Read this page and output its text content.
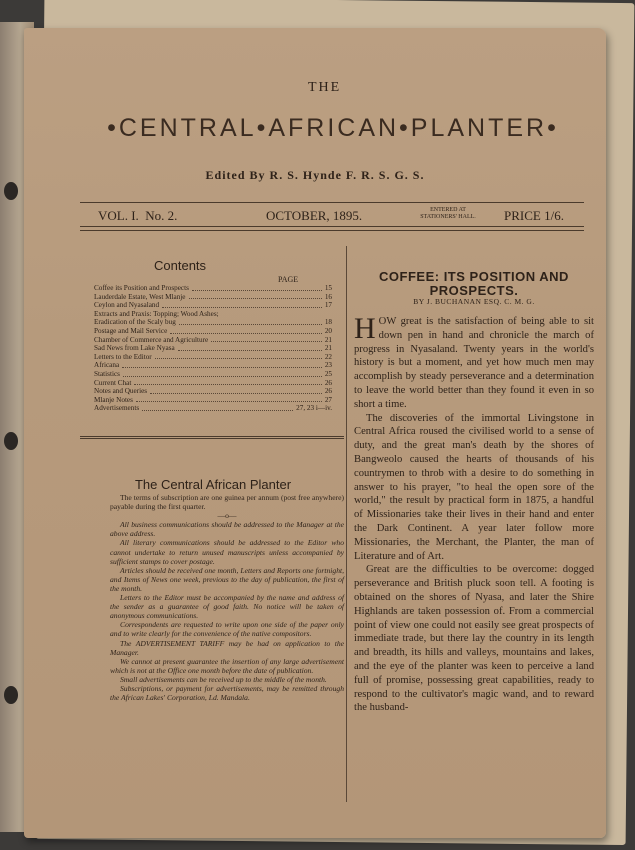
THE
•CENTRAL•AFRICAN•PLANTER•
Edited By R. S. Hynde F. R. S. G. S.
VOL. I. No. 2.	OCTOBER, 1895.	ENTERED AT STATIONERS' HALL. PRICE 1/6.
Contents
PAGE
Coffee its Position and Prospects	15
Lauderdale Estate, West Mlanje	16
Ceylon and Nyasaland	17
Extracts and Praxis: Topping; Wood Ashes;
Eradication of the Scaly bug	18
Postage and Mail Service	20
Chamber of Commerce and Agriculture	21
Sad News from Lake Nyasa	21
Letters to the Editor	22
Africana	23
Statistics	25
Current Chat	26
Notes and Queries	26
Mlanje Notes	27
Advertisements	27, 23 i—iv.
The Central African Planter

The terms of subscription are one guinea per annum (post free anywhere) payable during the first quarter.

—o—

All business communications should be addressed to the Manager at the above address.

All literary communications should be addressed to the Editor who cannot undertake to return unused manuscripts unless accompanied by sufficient stamps to cover postage.

Articles should be received one month, Letters and Reports one fortnight, and Items of News one week, previous to the day of publication, the first of the month.

Letters to the Editor must be accompanied by the name and address of the sender as a guarantee of good faith. No notice will be taken of anonymous communications.

Correspondents are requested to write upon one side of the paper only and to write clearly for the convenience of the native compositors.

The ADVERTISEMENT TARIFF may be had on application to the Manager.

We cannot at present guarantee the insertion of any large advertisement which is not at the Office one month before the date of publication.

Small advertisements can be received up to the middle of the month.

Subscriptions, or payment for advertisements, may be remitted through the African Lakes' Corporation, Ld. Mandala.

COFFEE: ITS POSITION AND PROSPECTS.
BY J. BUCHANAN ESQ. C. M. G.

HOW great is the satisfaction of being able to sit down pen in hand and chronicle the march of progress in Nyasaland. Twenty years in the world's history is but a moment, and yet how much men may accomplish by steady perseverance and a determination to leave the world better than they found it even in so short a time.

The discoveries of the immortal Livingstone in Central Africa roused the civilised world to a sense of duty, and the great man's death by the shores of Bangweolo caused the hearts of thousands of his countrymen to throb with a desire to do something in answer to his prayer, "to heal the open sore of the world," the result by practical form in 1875, a handful of Missionaries take their lives in their hand and enter the Dark Continent. A year later follow more Missionaries, the Merchant, the Planter, the man of Literature and of Art.

Great are the difficulties to be overcome: dogged perseverance and British pluck soon tell. A footing is obtained on the shores of Nyasa, and later the Shire Highlands are taken possession of. From a commercial point of view one could not easily see great prospects of immediate trade, but there lay the country in its length and breadth, its hills and valleys, mountains and lakes, and the eye of the planter was keen to perceive a land full of promise, possessing great capabilities, ready to respond to the cultivator's magic wand, and to reward the husband-
